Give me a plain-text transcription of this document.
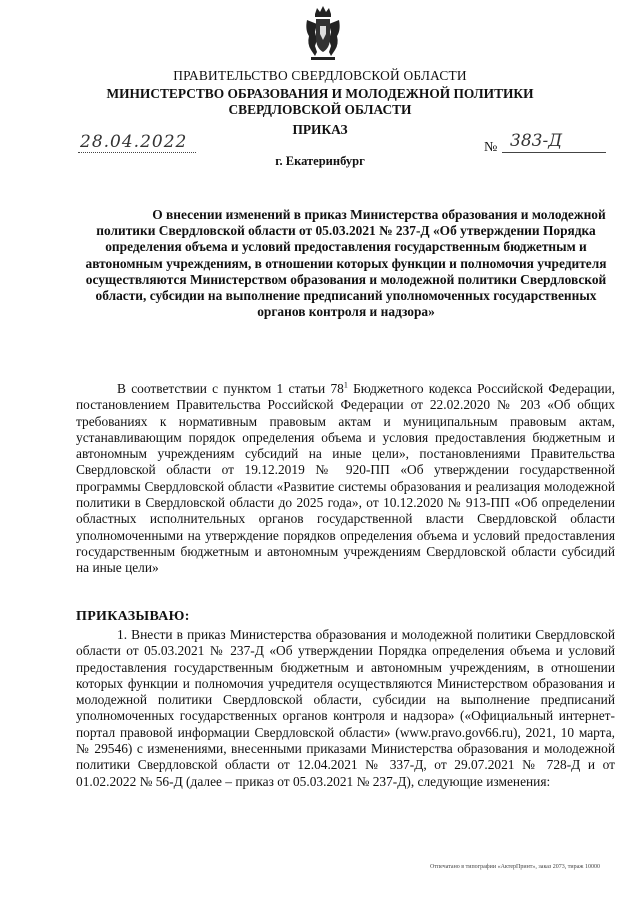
ПРАВИТЕЛЬСТВО СВЕРДЛОВСКОЙ ОБЛАСТИ
МИНИСТЕРСТВО ОБРАЗОВАНИЯ И МОЛОДЕЖНОЙ ПОЛИТИКИ
СВЕРДЛОВСКОЙ ОБЛАСТИ
ПРИКАЗ
28.04.2022	№ 383-Д
г. Екатеринбург
О внесении изменений в приказ Министерства образования и молодежной политики Свердловской области от 05.03.2021 № 237-Д «Об утверждении Порядка определения объема и условий предоставления государственным бюджетным и автономным учреждениям, в отношении которых функции и полномочия учредителя осуществляются Министерством образования и молодежной политики Свердловской области, субсидии на выполнение предписаний уполномоченных государственных органов контроля и надзора»
В соответствии с пунктом 1 статьи $78^1$ Бюджетного кодекса Российской Федерации, постановлением Правительства Российской Федерации от 22.02.2020 № 203 «Об общих требованиях к нормативным правовым актам и муниципальным правовым актам, устанавливающим порядок определения объема и условия предоставления бюджетным и автономным учреждениям субсидий на иные цели», постановлениями Правительства Свердловской области от 19.12.2019 № 920-ПП «Об утверждении государственной программы Свердловской области «Развитие системы образования и реализация молодежной политики в Свердловской области до 2025 года», от 10.12.2020 № 913-ПП «Об определении областных исполнительных органов государственной власти Свердловской области уполномоченными на утверждение порядков определения объема и условий предоставления государственным бюджетным и автономным учреждениям Свердловской области субсидий на иные цели»
ПРИКАЗЫВАЮ:
1. Внести в приказ Министерства образования и молодежной политики Свердловской области от 05.03.2021 № 237-Д «Об утверждении Порядка определения объема и условий предоставления государственным бюджетным и автономным учреждениям, в отношении которых функции и полномочия учредителя осуществляются Министерством образования и молодежной политики Свердловской области, субсидии на выполнение предписаний уполномоченных государственных органов контроля и надзора» («Официальный интернет-портал правовой информации Свердловской области» (www.pravo.gov66.ru), 2021, 10 марта, № 29546) с изменениями, внесенными приказами Министерства образования и молодежной политики Свердловской области от 12.04.2021 № 337-Д, от 29.07.2021 № 728-Д и от 01.02.2022 № 56-Д (далее – приказ от 05.03.2021 № 237-Д), следующие изменения:
Отпечатано в типографии «АктерПринт», заказ 2073, тираж 10000
